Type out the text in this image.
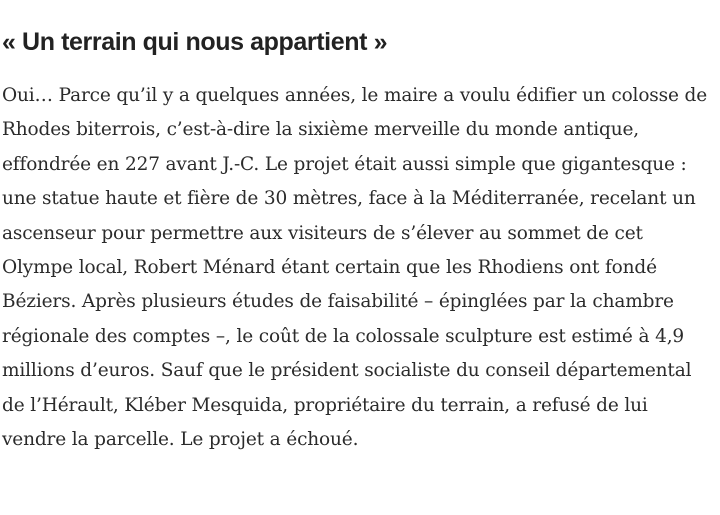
« Un terrain qui nous appartient »

Oui… Parce qu’il y a quelques années, le maire a voulu édifier un colosse de Rhodes biterrois, c’est-à-dire la sixième merveille du monde antique, effondrée en 227 avant J.-C. Le projet était aussi simple que gigantesque : une statue haute et fière de 30 mètres, face à la Méditerranée, recelant un ascenseur pour permettre aux visiteurs de s’élever au sommet de cet Olympe local, Robert Ménard étant certain que les Rhodiens ont fondé Béziers. Après plusieurs études de faisabilité – épinglées par la chambre régionale des comptes –, le coût de la colossale sculpture est estimé à 4,9 millions d’euros. Sauf que le président socialiste du conseil départemental de l’Hérault, Kléber Mesquida, propriétaire du terrain, a refusé de lui vendre la parcelle. Le projet a échoué.
